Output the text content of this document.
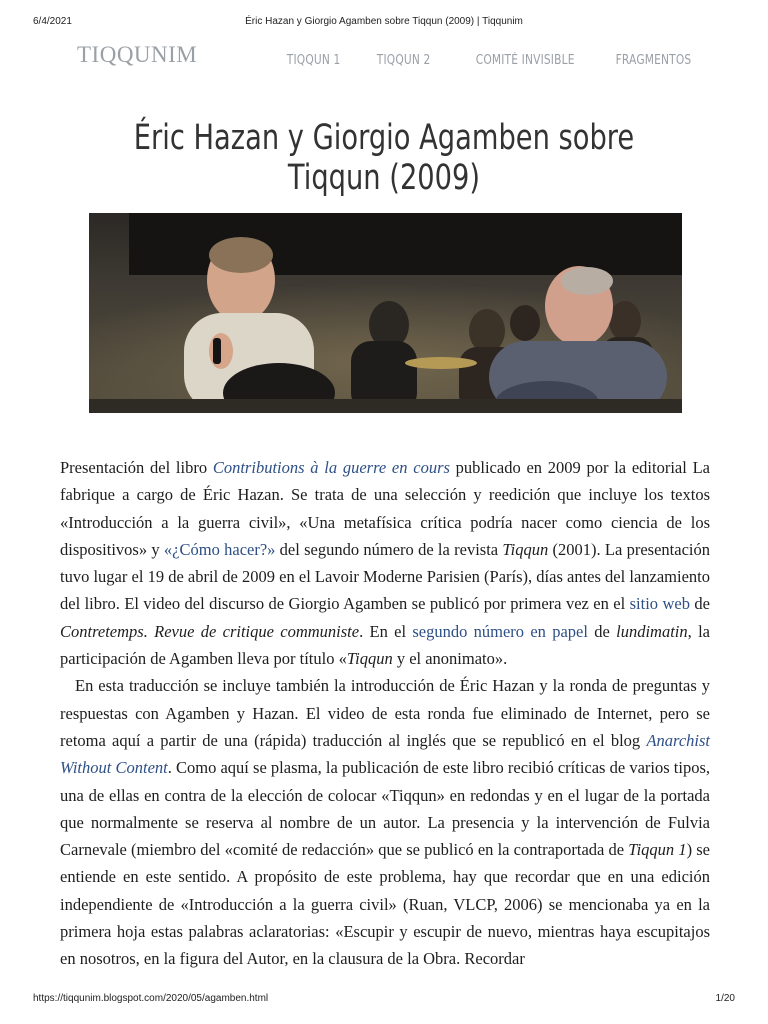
6/4/2021	Éric Hazan y Giorgio Agamben sobre Tiqqun (2009) | Tiqqunim
TIQQUNIM	TIQQUN 1	TIQQUN 2	COMITÉ INVISIBLE	FRAGMENTOS
Éric Hazan y Giorgio Agamben sobre Tiqqun (2009)

Presentación del libro Contributions à la guerre en cours publicado en 2009 por la editorial La fabrique a cargo de Éric Hazan. Se trata de una selección y reedición que incluye los textos «Introducción a la guerra civil», «Una metafísica crítica podría nacer como ciencia de los dispositivos» y «¿Cómo hacer?» del segundo número de la revista Tiqqun (2001). La presentación tuvo lugar el 19 de abril de 2009 en el Lavoir Moderne Parisien (París), días antes del lanzamiento del libro. El video del discurso de Giorgio Agamben se publicó por primera vez en el sitio web de Contretemps. Revue de critique communiste. En el segundo número en papel de lundimatin, la participación de Agamben lleva por título «Tiqqun y el anonimato».

En esta traducción se incluye también la introducción de Éric Hazan y la ronda de preguntas y respuestas con Agamben y Hazan. El video de esta ronda fue eliminado de Internet, pero se retoma aquí a partir de una (rápida) traducción al inglés que se republicó en el blog Anarchist Without Content. Como aquí se plasma, la publicación de este libro recibió críticas de varios tipos, una de ellas en contra de la elección de colocar «Tiqqun» en redondas y en el lugar de la portada que normalmente se reserva al nombre de un autor. La presencia y la intervención de Fulvia Carnevale (miembro del «comité de redacción» que se publicó en la contraportada de Tiqqun 1) se entiende en este sentido. A propósito de este problema, hay que recordar que en una edición independiente de «Introducción a la guerra civil» (Ruan, VLCP, 2006) se mencionaba ya en la primera hoja estas palabras aclaratorias: «Escupir y escupir de nuevo, mientras haya escupitajos en nosotros, en la figura del Autor, en la clausura de la Obra. Recordar

https://tiqqunim.blogspot.com/2020/05/agamben.html	1/20
